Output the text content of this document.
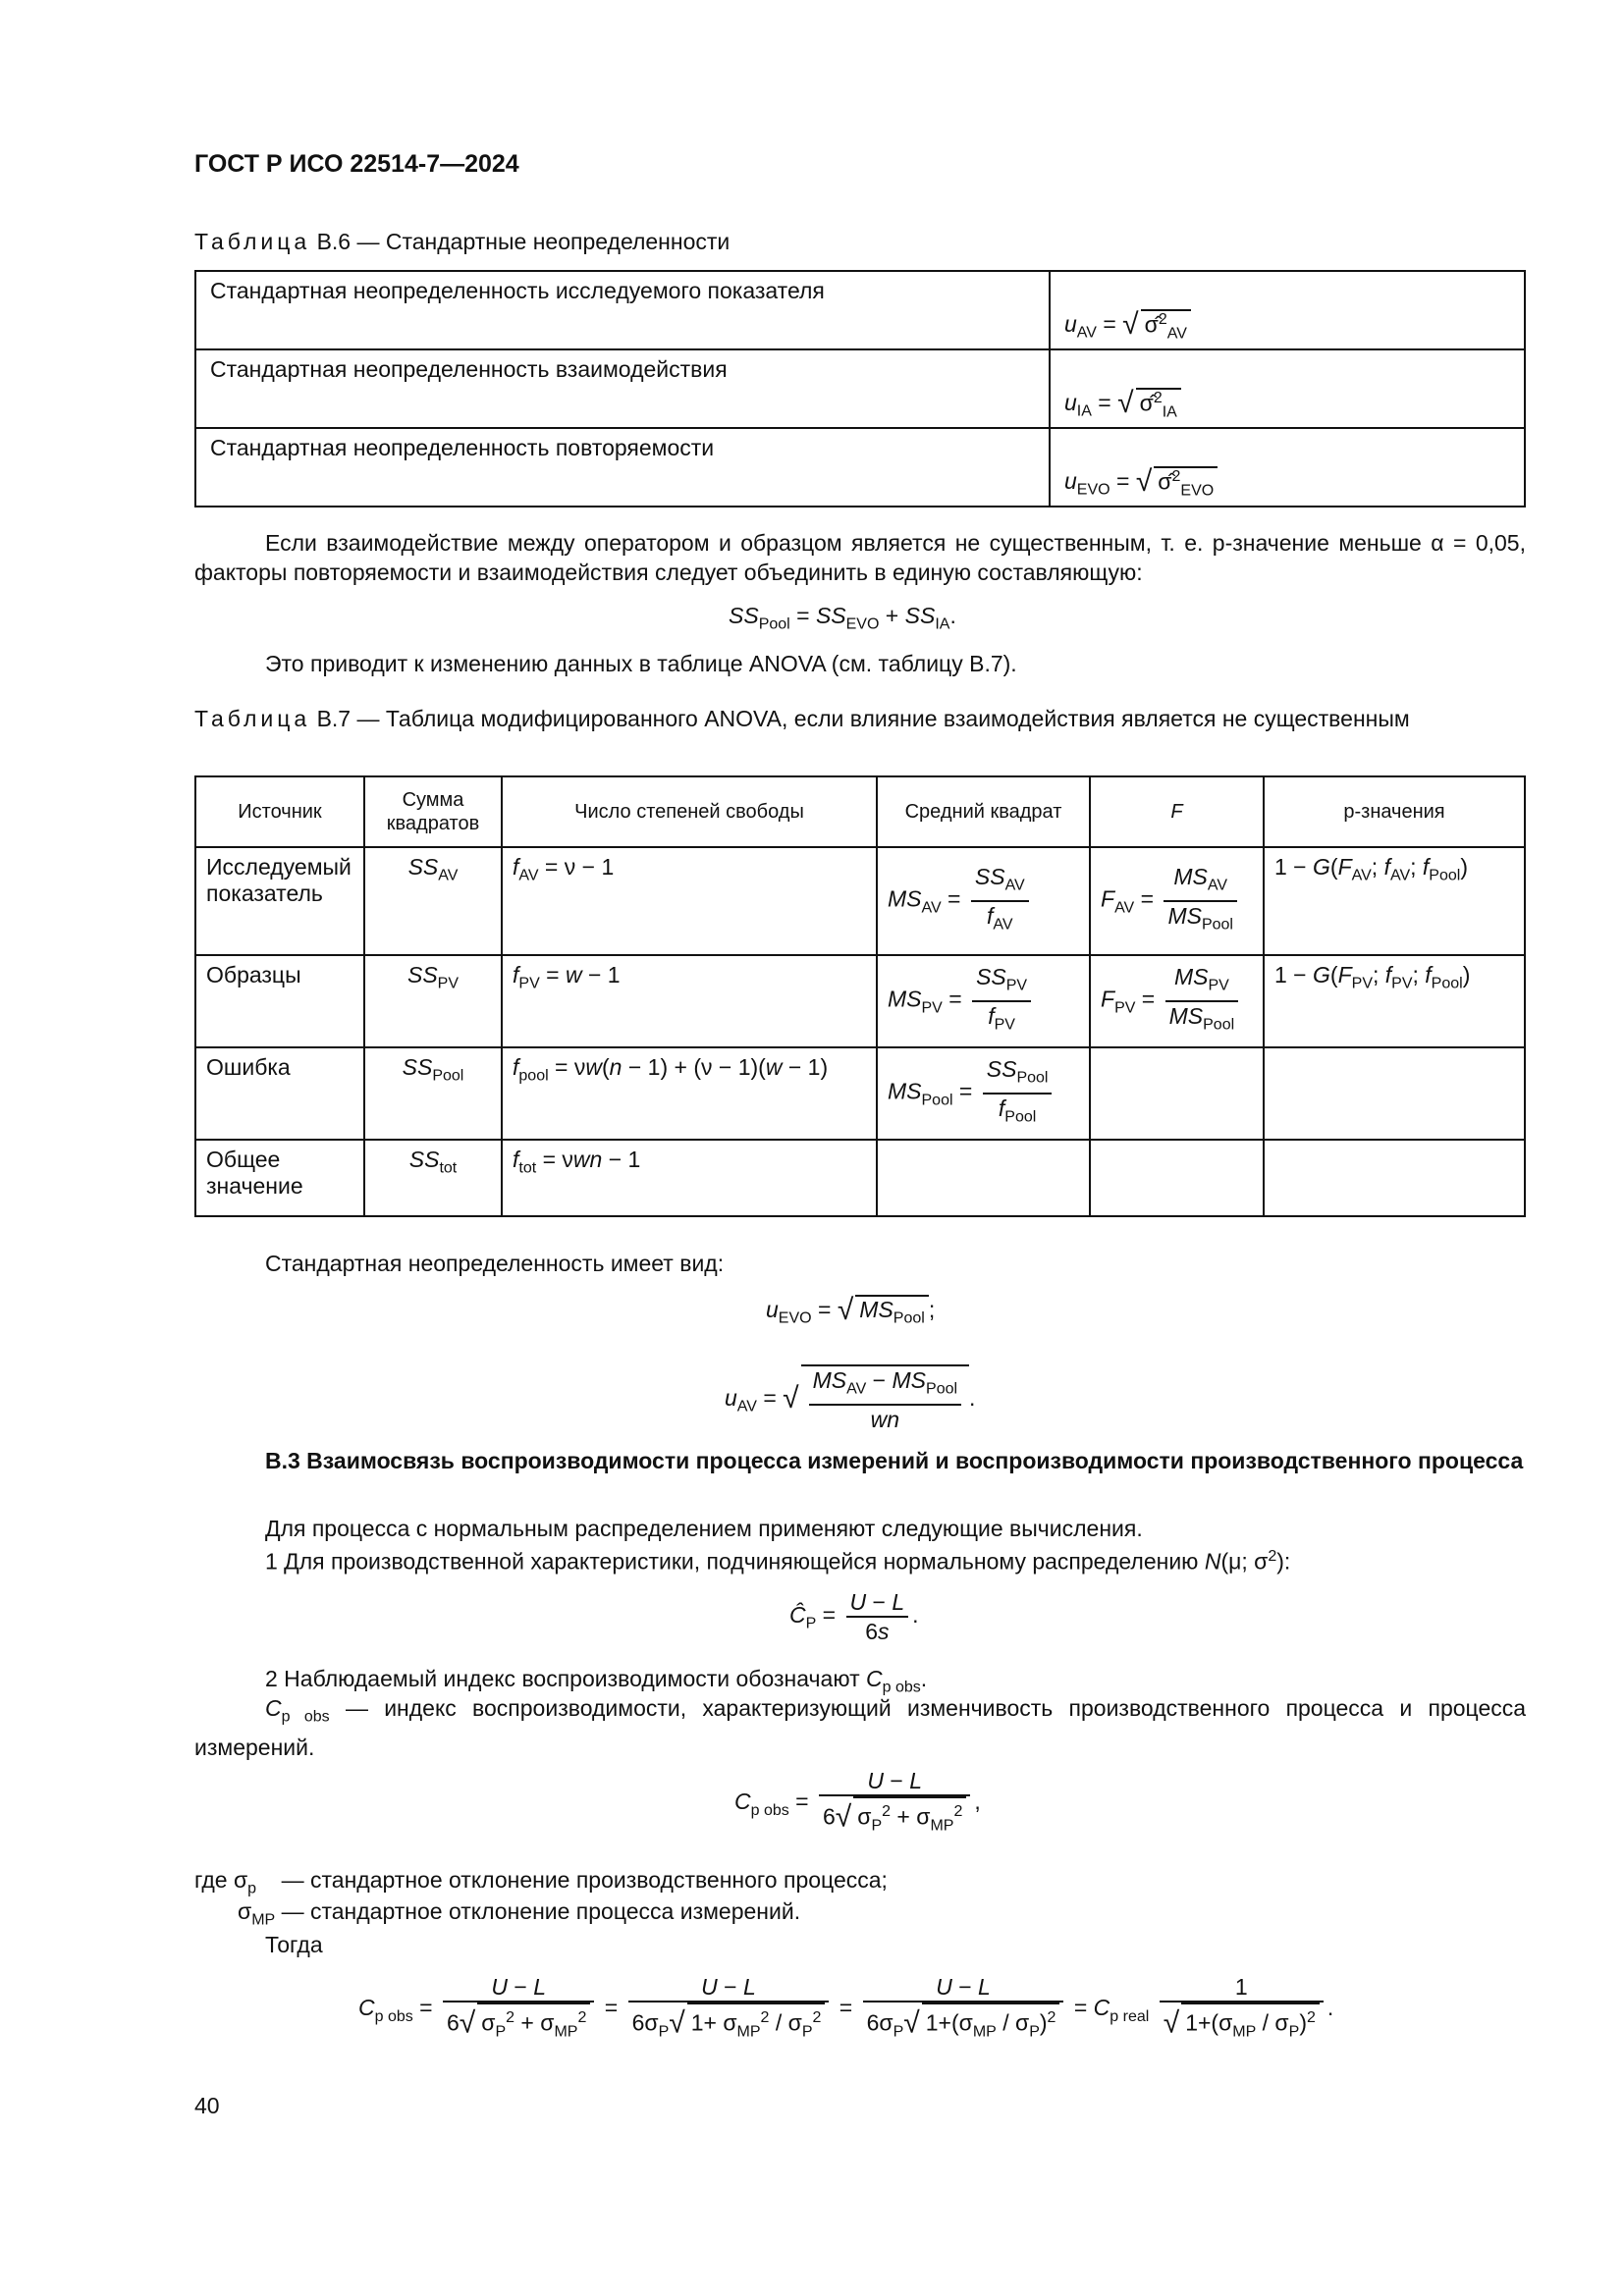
ГОСТ Р ИСО 22514-7—2024
Таблица В.6 — Стандартные неопределенности
Стандартная неопределенность исследуемого показателя	$u_{AV}$ = √ σ̂$^2_{AV}$
Стандартная неопределенность взаимодействия	$u_{IA}$ = √ σ̂$^2_{IA}$
Стандартная неопределенность повторяемости	$u_{EVO}$ = √ σ̂$^2_{EVO}$
Если взаимодействие между оператором и образцом является не существенным, т. е. р-значение меньше α = 0,05, факторы повторяемости и взаимодействия следует объединить в единую составляющую:
$SS_{Pool} = SS_{EVO} + SS_{IA}$.
Это приводит к изменению данных в таблице ANOVA (см. таблицу В.7).
Таблица В.7 — Таблица модифицированного ANOVA, если влияние взаимодействия является не существенным
Источник	Сумма квадратов	Число степеней свободы	Средний квадрат	F	р-значения
Исследуемый показатель	$SS_{AV}$	$f_{AV} = \nu - 1$	$MS_{AV} = \frac{SS_{AV}}{f_{AV}}$	$F_{AV} = \frac{MS_{AV}}{MS_{Pool}}$	$1 - G(F_{AV}$; $f_{AV}$; $f_{Pool}$)
Образцы	$SS_{PV}$	$f_{PV} = w - 1$	$MS_{PV} = \frac{SS_{PV}}{f_{PV}}$	$F_{PV} = \frac{MS_{PV}}{MS_{Pool}}$	$1 - G(F_{PV}$; $f_{PV}$; $f_{Pool}$)
Ошибка	$SS_{Pool}$	$f_{pool} = \nu w(n - 1) + (\nu - 1)(w - 1)$	$MS_{Pool} = \frac{SS_{Pool}}{f_{Pool}}$

Общее значение	$SS_{tot}$	$f_{tot} = \nu wn - 1$			
Стандартная неопределенность имеет вид:
$u_{EVO}$ = √ $MS_{Pool}$ ;
$u_{AV}$ = √ $\frac{MS_{AV} - MS_{Pool}}{wn}$ .
В.3 Взаимосвязь воспроизводимости процесса измерений и воспроизводимости производственного процесса
Для процесса с нормальным распределением применяют следующие вычисления.
1 Для производственной характеристики, подчиняющейся нормальному распределению N(μ; $\sigma^2$):
$Ĉ_P = \frac{U - L}{6s}$ .
2 Наблюдаемый индекс воспроизводимости обозначают $C_{p obs}$.
$C_{p obs}$ — индекс воспроизводимости, характеризующий изменчивость производственного процесса и процесса измерений.
$C_{p obs} = \frac{U - L}{6√ \sigma_P^2 + \sigma_{MP}^2}$ ,
где $\sigma_p$ — стандартное отклонение производственного процесса;
$\sigma_{MP}$ — стандартное отклонение процесса измерений.
Тогда
$C_{p obs} = \frac{U - L}{6√ \sigma_P^2 + \sigma_{MP}^2} = \frac{U - L}{6\sigma_P√ 1+ \sigma_{MP}^2 / \sigma_P^2} = \frac{U - L}{6\sigma_P√ 1+(\sigma_{MP} / \sigma_P)^2} = C_{p real} \frac{1}{√ 1+(\sigma_{MP} / \sigma_P)^2}$ .
40
